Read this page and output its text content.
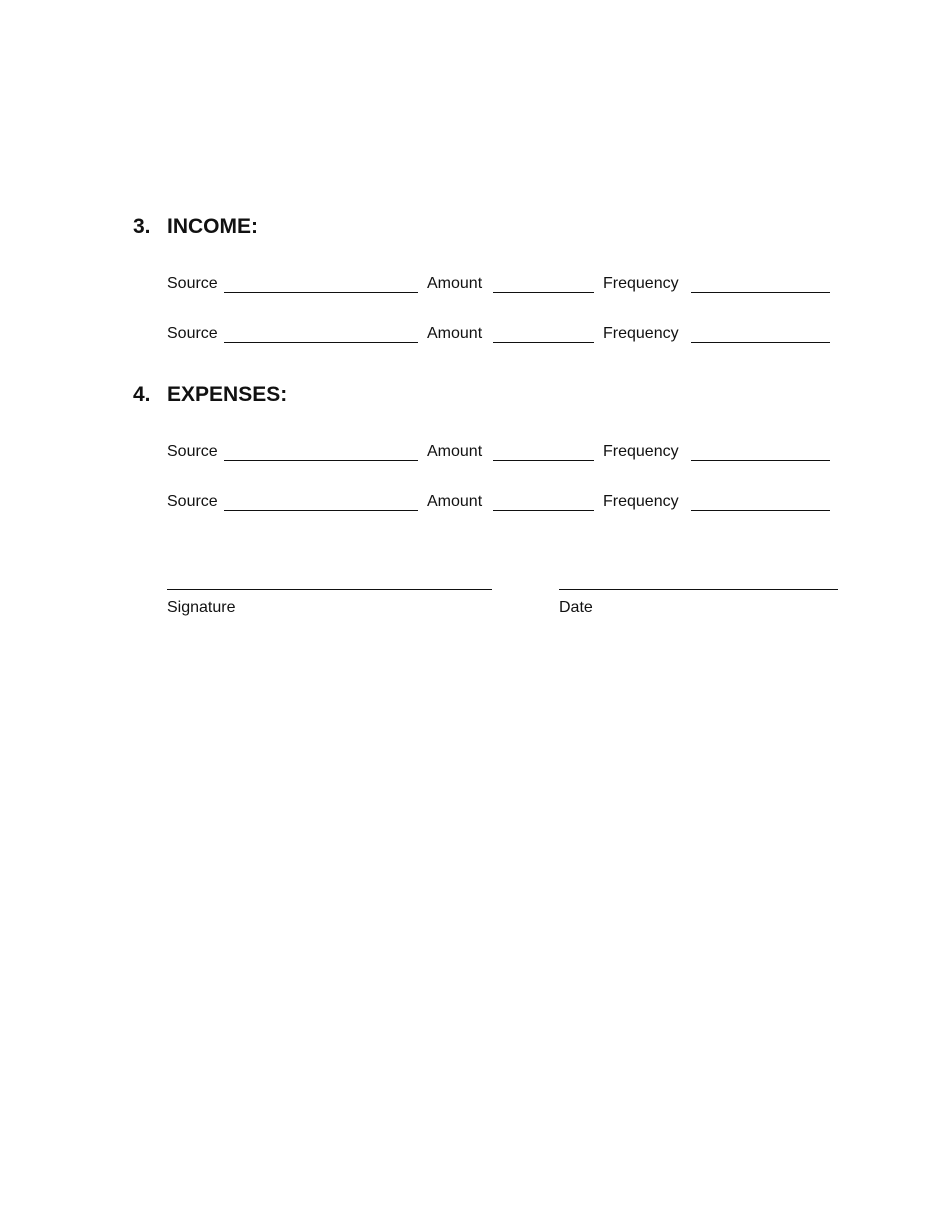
3. INCOME:
Source	Amount	Frequency
Source	Amount	Frequency
4. EXPENSES:
Source	Amount	Frequency
Source	Amount	Frequency
Signature	Date
